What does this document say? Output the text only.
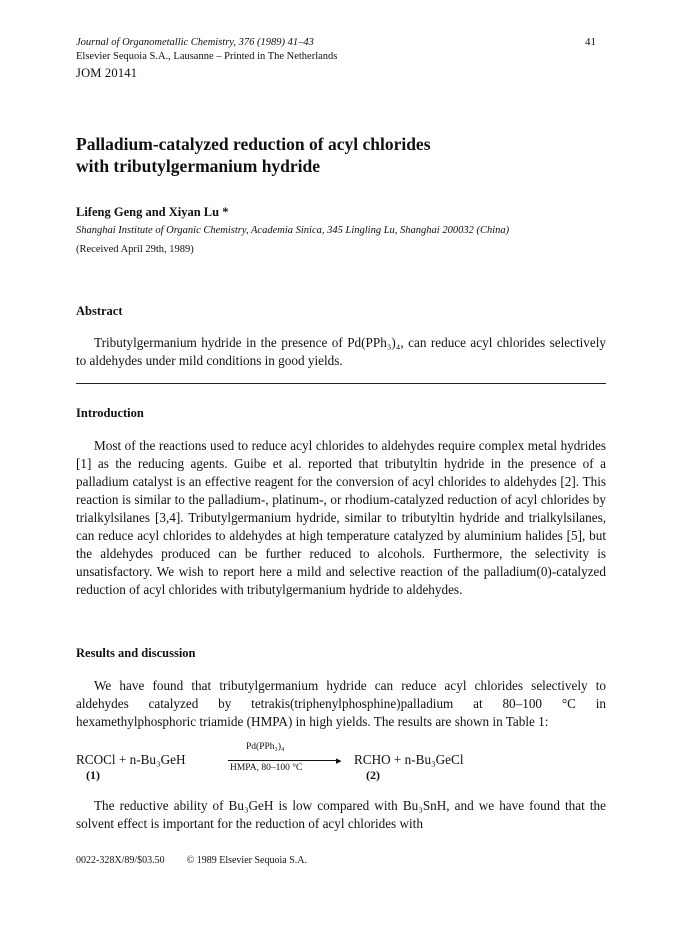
Journal of Organometallic Chemistry, 376 (1989) 41–43
Elsevier Sequoia S.A., Lausanne – Printed in The Netherlands
JOM 20141
41
Palladium-catalyzed reduction of acyl chlorides
with tributylgermanium hydride
Lifeng Geng and Xiyan Lu *
Shanghai Institute of Organic Chemistry, Academia Sinica, 345 Lingling Lu, Shanghai 200032 (China)
(Received April 29th, 1989)
Abstract

Tributylgermanium hydride in the presence of Pd(PPh₃)₄, can reduce acyl chlorides selectively to aldehydes under mild conditions in good yields.

Introduction

Most of the reactions used to reduce acyl chlorides to aldehydes require complex metal hydrides [1] as the reducing agents. Guibe et al. reported that tributyltin hydride in the presence of a palladium catalyst is an effective reagent for the conversion of acyl chlorides to aldehydes [2]. This reaction is similar to the palladium-, platinum-, or rhodium-catalyzed reduction of acyl chlorides by trialkylsilanes [3,4]. Tributylgermanium hydride, similar to tributyltin hydride and trialkylsilanes, can reduce acyl chlorides to aldehydes at high temperature catalyzed by aluminium halides [5], but the aldehydes produced can be further reduced to alcohols. Furthermore, the selectivity is unsatisfactory. We wish to report here a mild and selective reaction of the palladium(0)-catalyzed reduction of acyl chlorides with tributylgermanium hydride to aldehydes.

Results and discussion

We have found that tributylgermanium hydride can reduce acyl chlorides selectively to aldehydes catalyzed by tetrakis(triphenylphosphine)palladium at 80–100 °C in hexamethylphosphoric triamide (HMPA) in high yields. The results are shown in Table 1:

RCOCl + n-Bu₃GeH
(1)
Pd(PPh₃)₄
▸
HMPA, 80–100 °C
RCHO + n-Bu₃GeCl
(2)

The reductive ability of Bu₃GeH is low compared with Bu₃SnH, and we have found that the solvent effect is important for the reduction of acyl chlorides with

0022-328X/89/$03.50 © 1989 Elsevier Sequoia S.A.
